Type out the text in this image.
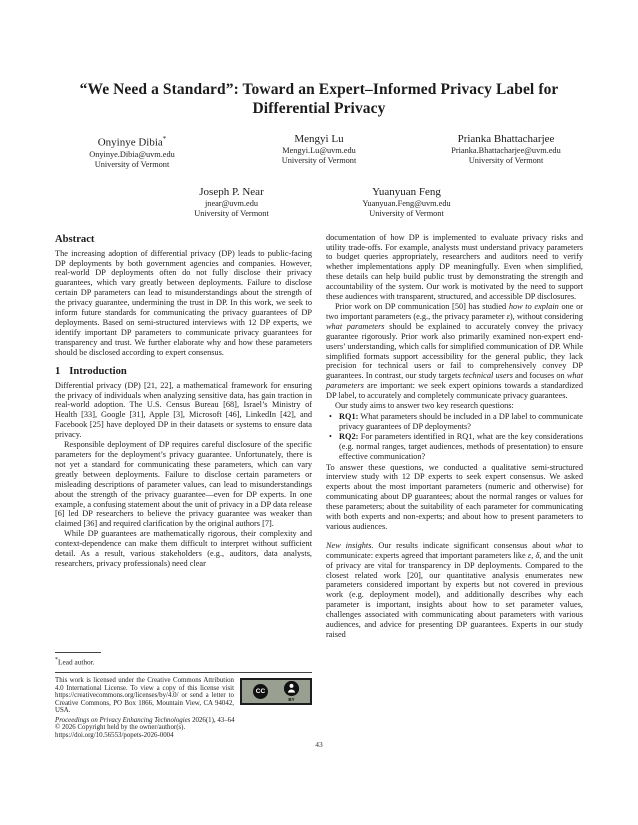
“We Need a Standard”: Toward an Expert–Informed Privacy Label for Differential Privacy
Onyinye Dibia*
Onyinye.Dibia@uvm.edu
University of Vermont
Mengyi Lu
Mengyi.Lu@uvm.edu
University of Vermont
Prianka Bhattacharjee
Prianka.Bhattacharjee@uvm.edu
University of Vermont
Joseph P. Near
jnear@uvm.edu
University of Vermont
Yuanyuan Feng
Yuanyuan.Feng@uvm.edu
University of Vermont
Abstract

The increasing adoption of differential privacy (DP) leads to public-facing DP deployments by both government agencies and companies. However, real-world DP deployments often do not fully disclose their privacy guarantees, which vary greatly between deployments. Failure to disclose certain DP parameters can lead to misunderstandings about the strength of the privacy guarantee, undermining the trust in DP. In this work, we seek to inform future standards for communicating the privacy guarantees of DP deployments. Based on semi-structured interviews with 12 DP experts, we identify important DP parameters to communicate privacy guarantees for transparency and trust. We further elaborate why and how these parameters should be disclosed according to expert consensus.

1 Introduction

Differential privacy (DP) [21, 22], a mathematical framework for ensuring the privacy of individuals when analyzing sensitive data, has gain traction in real-world adoption. The U.S. Census Bureau [68], Israel’s Ministry of Health [33], Google [31], Apple [3], Microsoft [46], LinkedIn [42], and Facebook [25] have deployed DP in their datasets or systems to ensure data privacy.

Responsible deployment of DP requires careful disclosure of the specific parameters for the deployment’s privacy guarantee. Unfortunately, there is not yet a standard for communicating these parameters, which can vary greatly between deployments. Failure to disclose certain parameters or misleading descriptions of parameter values, can lead to misunderstandings about the strength of the privacy guarantee—even for DP experts. In one example, a confusing statement about the unit of privacy in a DP data release [6] led DP researchers to believe the privacy guarantee was weaker than claimed [36] and required clarification by the original authors [7].

While DP guarantees are mathematically rigorous, their complexity and context-dependence can make them difficult to interpret without sufficient detail. As a result, various stakeholders (e.g., auditors, data analysts, researchers, privacy professionals) need clear

documentation of how DP is implemented to evaluate privacy risks and utility trade-offs. For example, analysts must understand privacy parameters to budget queries appropriately, researchers and auditors need to verify whether implementations apply DP meaningfully. Even when simplified, these details can help build public trust by demonstrating the strength and accountability of the system. Our work is motivated by the need to support these audiences with transparent, structured, and accessible DP disclosures.

Prior work on DP communication [50] has studied how to explain one or two important parameters (e.g., the privacy parameter ε), without considering what parameters should be explained to accurately convey the privacy guarantee rigorously. Prior work also primarily examined non-expert end-users’ understanding, which calls for simplified communication of DP. While simplified formats support accessibility for the general public, they lack precision for technical users or fail to comprehensively convey DP guarantees. In contrast, our study targets technical users and focuses on what parameters are important: we seek expert opinions towards a standardized DP label, to accurately and completely communicate privacy guarantees.

Our study aims to answer two key research questions:

• RQ1: What parameters should be included in a DP label to communicate privacy guarantees of DP deployments?
• RQ2: For parameters identified in RQ1, what are the key considerations (e.g. normal ranges, target audiences, methods of presentation) to ensure effective communication?

To answer these questions, we conducted a qualitative semi-structured interview study with 12 DP experts to seek expert consensus. We asked experts about the most important parameters (numeric and otherwise) for communicating about DP guarantees; about the normal ranges or values for these parameters; about the suitability of each parameter for communicating with both experts and non-experts; and about how to present parameters to various audiences.

New insights. Our results indicate significant consensus about what to communicate: experts agreed that important parameters like ε, δ, and the unit of privacy are vital for transparency in DP deployments. Compared to the closest related work [20], our quantitative analysis enumerates new parameters considered important by experts but not covered in previous work (e.g. deployment model), and additionally describes why each parameter is important, insights about how to set parameter values, challenges associated with communicating about parameters with various audiences, and advice for presenting DP guarantees. Experts in our study raised

*Lead author.
CC
BY
This work is licensed under the Creative Commons Attribution 4.0 International License. To view a copy of this license visit https://creativecommons.org/licenses/by/4.0/ or send a letter to Creative Commons, PO Box 1866, Mountain View, CA 94042, USA.
Proceedings on Privacy Enhancing Technologies 2026(1), 43–64
© 2026 Copyright held by the owner/author(s).
https://doi.org/10.56553/popets-2026-0004
43
